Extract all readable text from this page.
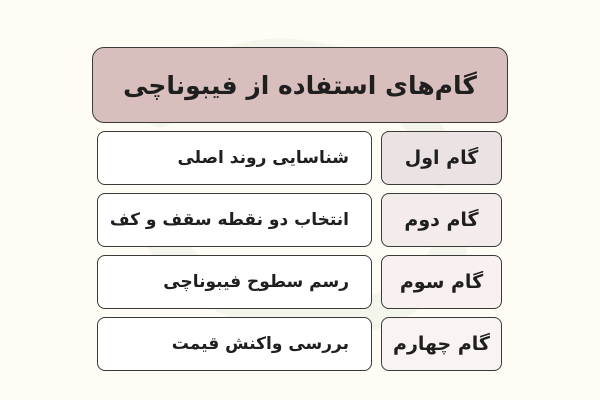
گام‌های استفاده از فیبوناچی
گام اول
شناسایی روند اصلی
گام دوم
انتخاب دو نقطه سقف و کف
گام سوم
رسم سطوح فیبوناچی
گام چهارم
بررسی واکنش قیمت
